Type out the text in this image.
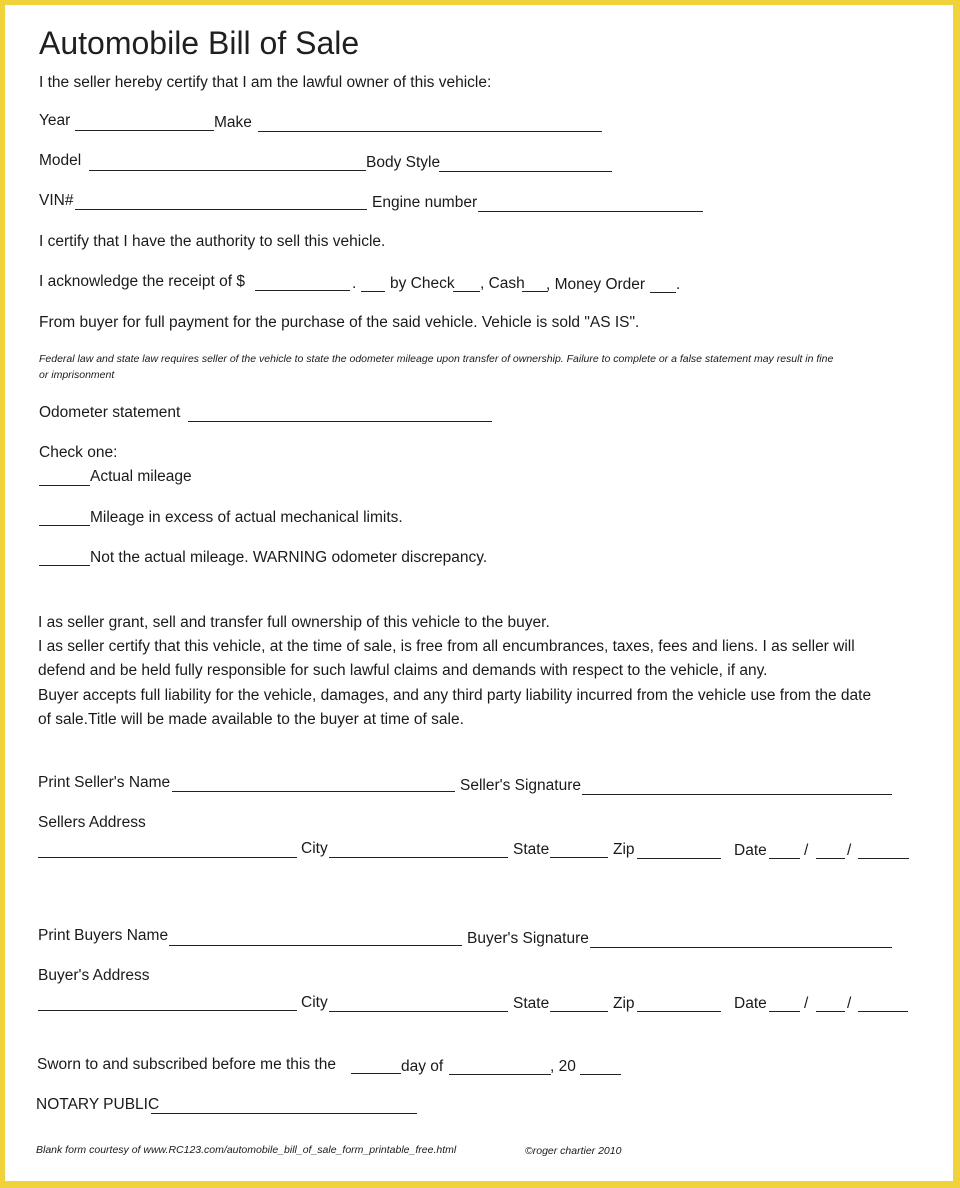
Automobile Bill of Sale
I the seller hereby certify that I am the lawful owner of this vehicle:
Year	Make
Model	Body Style
VIN#	Engine number
I certify that I have the authority to sell this vehicle.
I acknowledge the receipt of $	. by Check , Cash , Money Order .
From buyer for full payment for the purchase of the said vehicle. Vehicle is sold "AS IS".
Federal law and state law requires seller of the vehicle to state the odometer mileage upon transfer of ownership. Failure to complete or a false statement may result in fine
or imprisonment
Odometer statement
Check one:
Actual mileage
Mileage in excess of actual mechanical limits.
Not the actual mileage. WARNING odometer discrepancy.
I as seller grant, sell and transfer full ownership of this vehicle to the buyer.
I as seller certify that this vehicle, at the time of sale, is free from all encumbrances, taxes, fees and liens. I as seller will
defend and be held fully responsible for such lawful claims and demands with respect to the vehicle, if any.
Buyer accepts full liability for the vehicle, damages, and any third party liability incurred from the vehicle use from the date
of sale.Title will be made available to the buyer at time of sale.
Print Seller's Name	Seller's Signature
Sellers Address
City	State	Zip	Date / /
Print Buyers Name	Buyer's Signature
Buyer's Address
City	State	Zip	Date / /
Sworn to and subscribed before me this the	day of	, 20
NOTARY PUBLIC
Blank form courtesy of www.RC123.com/automobile_bill_of_sale_form_printable_free.html	©roger chartier 2010
